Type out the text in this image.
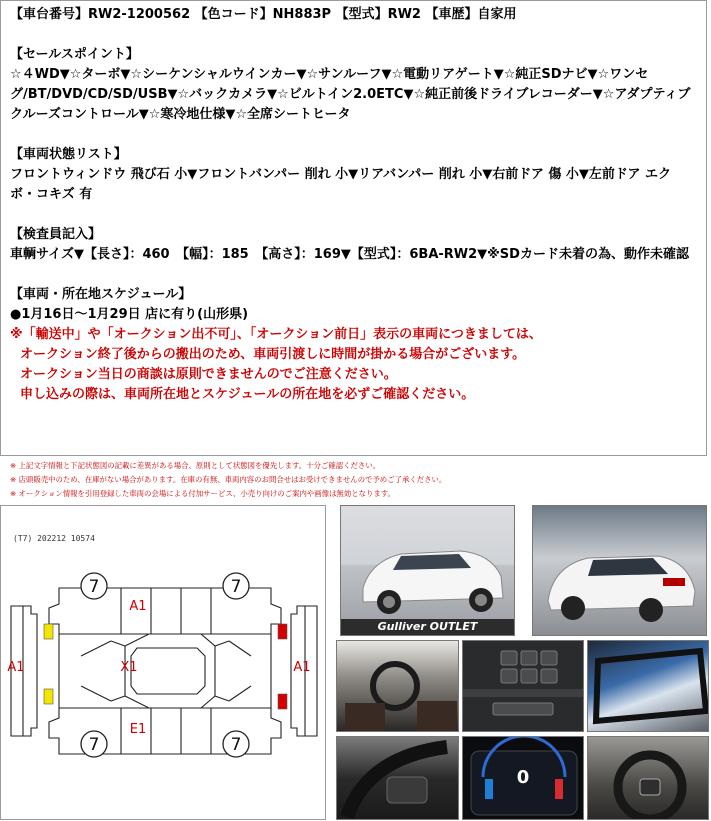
【車台番号】RW2-1200562 【色コード】NH883P 【型式】RW2 【車歴】自家用

【セールスポイント】

☆４WD▼☆ターボ▼☆シーケンシャルウインカー▼☆サンルーフ▼☆電動リアゲート▼☆純正SDナビ▼☆ワンセグ/BT/DVD/CD/SD/USB▼☆バックカメラ▼☆ビルトイン2.0ETC▼☆純正前後ドライブレコーダー▼☆アダプティブクルーズコントロール▼☆寒冷地仕様▼☆全席シートヒータ

【車両状態リスト】

フロントウィンドウ 飛び石 小▼フロントバンパー 削れ 小▼リアバンパー 削れ 小▼右前ドア 傷 小▼左前ドア エクボ・コキズ 有

【検査員記入】

車輌サイズ▼【長さ】：460　【幅】：185　【高さ】：169▼【型式】：6BA-RW2▼※SDカード未着の為、動作未確認

【車両・所在地スケジュール】

●1月16日～1月29日 店に有り(山形県)

※「輸送中」や「オークション出不可」、「オークション前日」表示の車両につきましては、

オークション終了後からの搬出のため、車両引渡しに時間が掛かる場合がございます。

オークション当日の商談は原則できませんのでご注意ください。

申し込みの際は、車両所在地とスケジュールの所在地を必ずご確認ください。

※ 上記文字情報と下記状態図の記載に差異がある場合、原則として状態図を優先します。十分ご確認ください。
※ 店頭販売中のため、在庫がない場合があります。在庫の有無、車両内容のお問合せはお受けできませんので予めご了承ください。
※ オークション情報を引用登録した車両の会場による付加サービス、小売り向けのご案内や画像は無効となります。
(T7) 202212 10574
7	7
7	7
A1
A1	X1	A1
E1
Gulliver OUTLET
0
